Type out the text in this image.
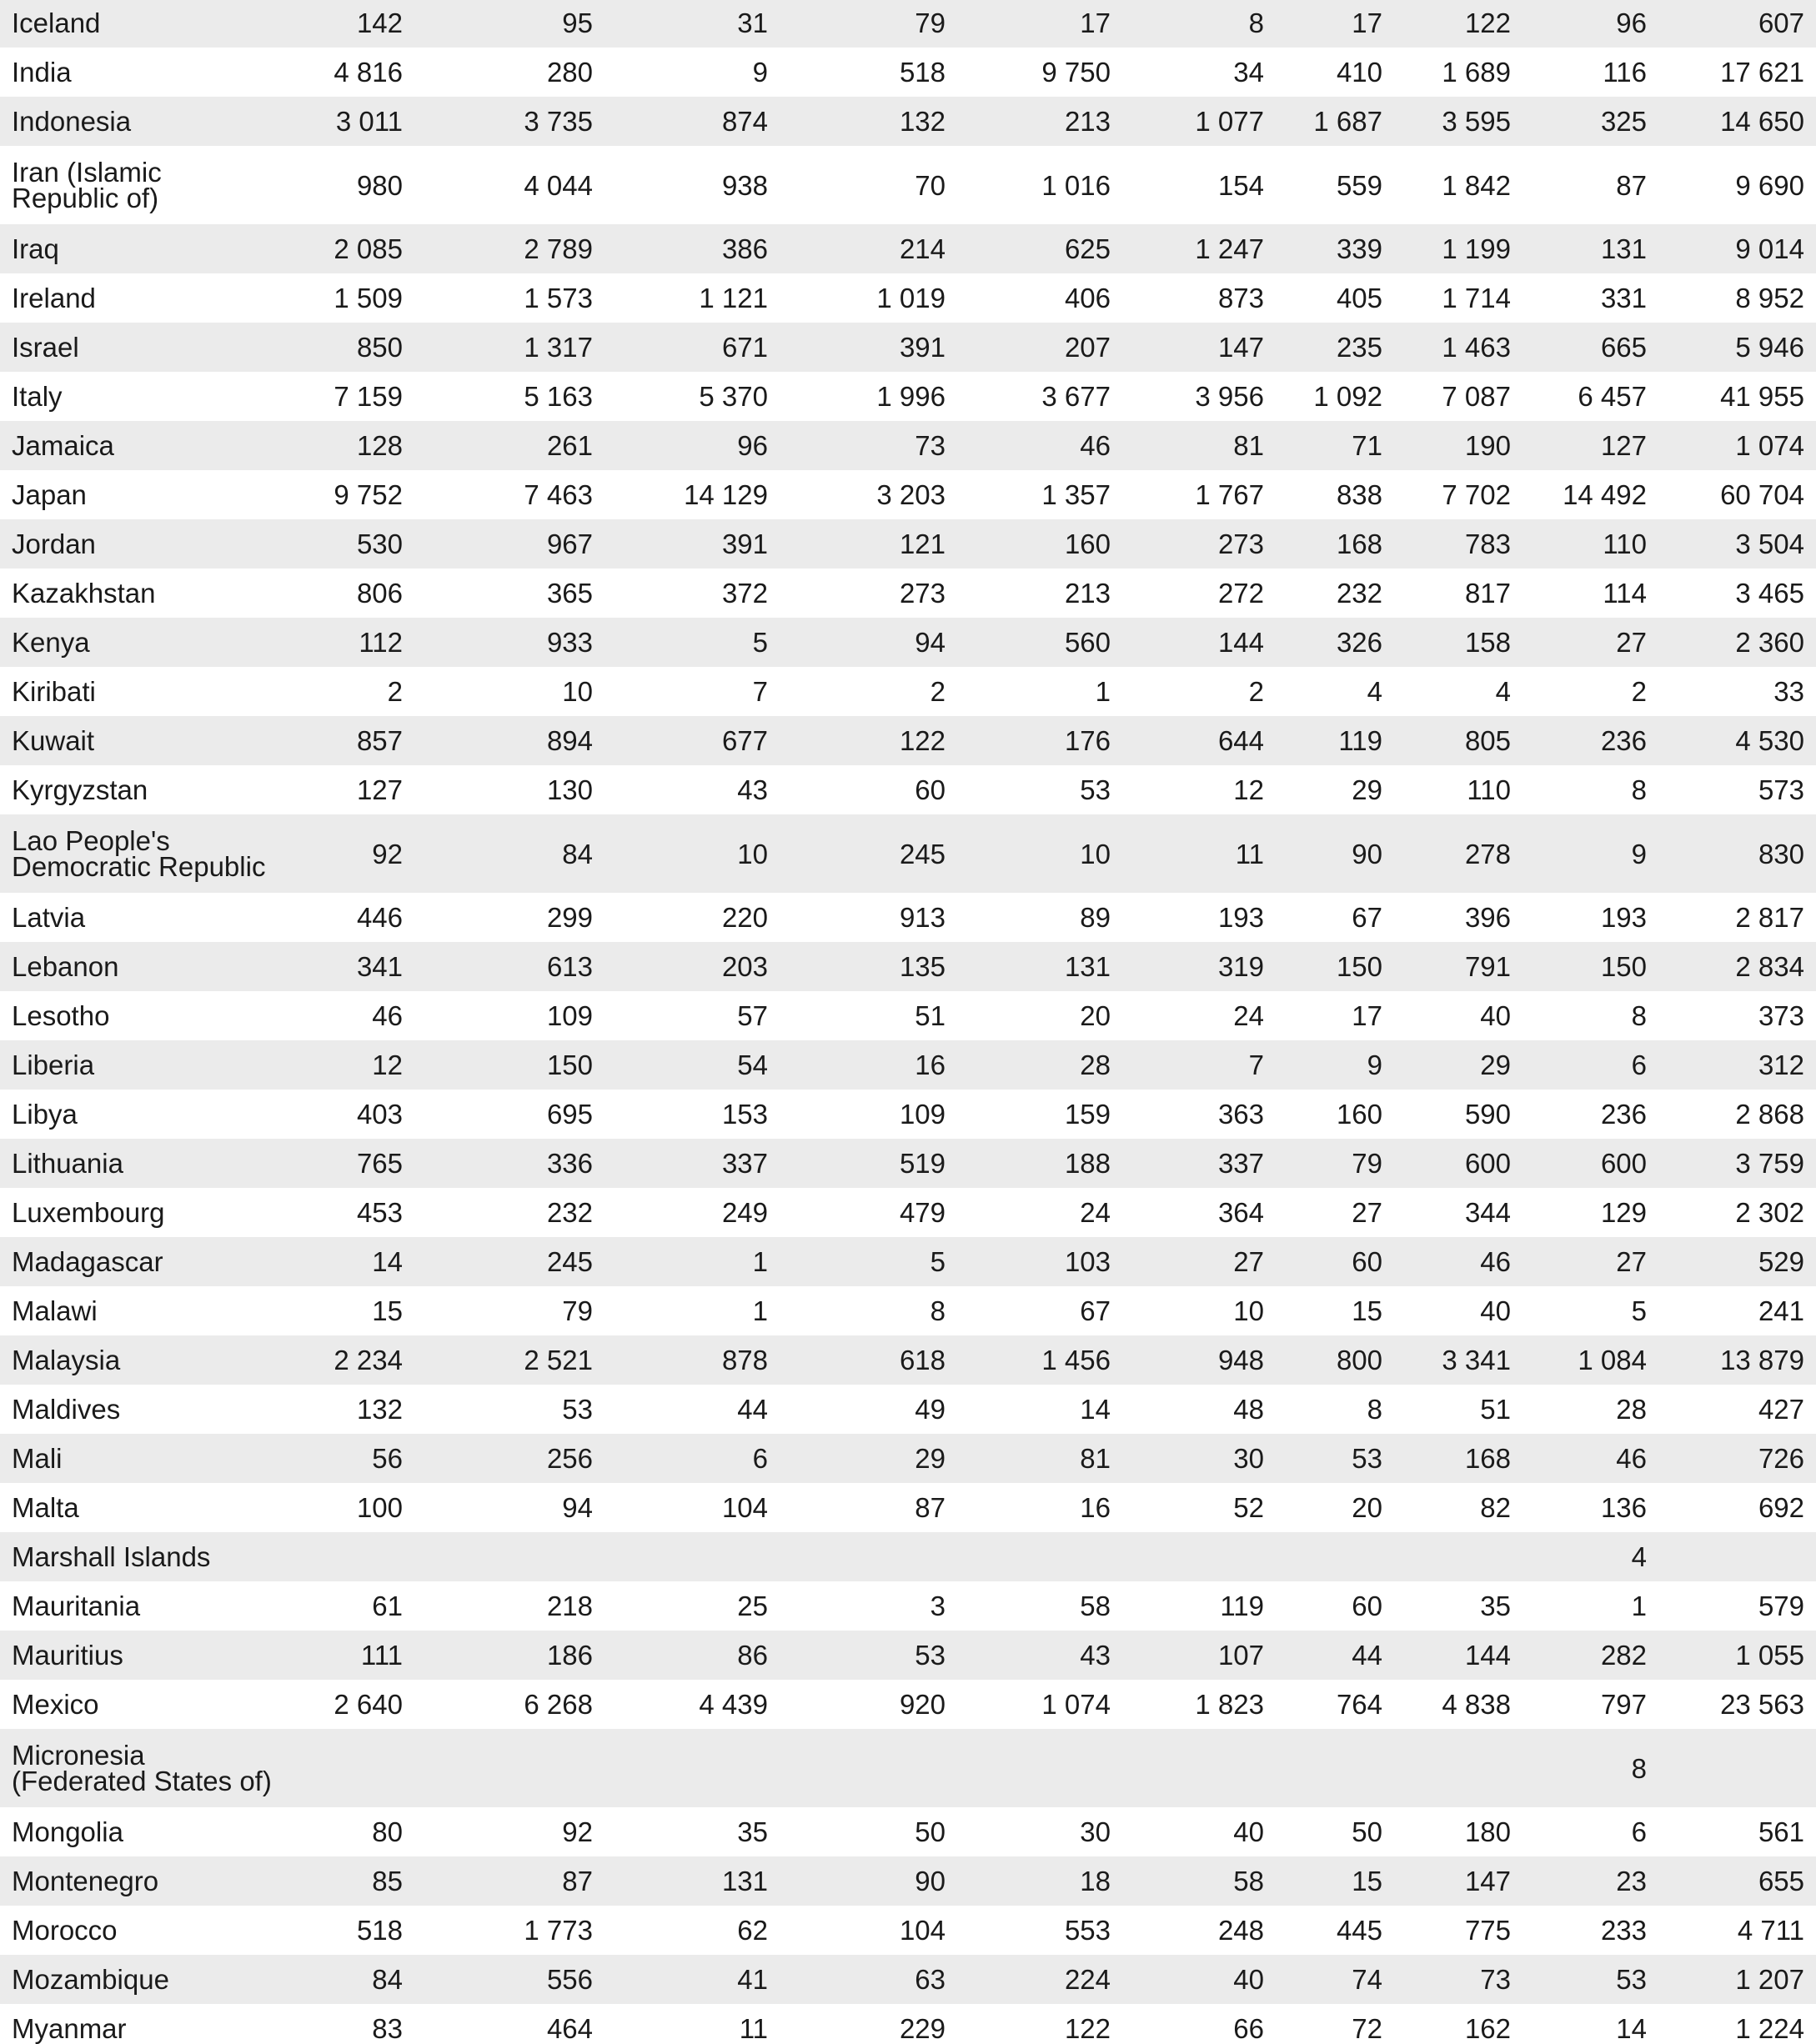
Iceland	142	95	31	79	17	8	17	122	96	607
India	4 816	280	9	518	9 750	34	410	1 689	116	17 621
Indonesia	3 011	3 735	874	132	213	1 077	1 687	3 595	325	14 650
Iran (Islamic Republic of)	980	4 044	938	70	1 016	154	559	1 842	87	9 690
Iraq	2 085	2 789	386	214	625	1 247	339	1 199	131	9 014
Ireland	1 509	1 573	1 121	1 019	406	873	405	1 714	331	8 952
Israel	850	1 317	671	391	207	147	235	1 463	665	5 946
Italy	7 159	5 163	5 370	1 996	3 677	3 956	1 092	7 087	6 457	41 955
Jamaica	128	261	96	73	46	81	71	190	127	1 074
Japan	9 752	7 463	14 129	3 203	1 357	1 767	838	7 702	14 492	60 704
Jordan	530	967	391	121	160	273	168	783	110	3 504
Kazakhstan	806	365	372	273	213	272	232	817	114	3 465
Kenya	112	933	5	94	560	144	326	158	27	2 360
Kiribati	2	10	7	2	1	2	4	4	2	33
Kuwait	857	894	677	122	176	644	119	805	236	4 530
Kyrgyzstan	127	130	43	60	53	12	29	110	8	573
Lao People's Democratic Republic	92	84	10	245	10	11	90	278	9	830
Latvia	446	299	220	913	89	193	67	396	193	2 817
Lebanon	341	613	203	135	131	319	150	791	150	2 834
Lesotho	46	109	57	51	20	24	17	40	8	373
Liberia	12	150	54	16	28	7	9	29	6	312
Libya	403	695	153	109	159	363	160	590	236	2 868
Lithuania	765	336	337	519	188	337	79	600	600	3 759
Luxembourg	453	232	249	479	24	364	27	344	129	2 302
Madagascar	14	245	1	5	103	27	60	46	27	529
Malawi	15	79	1	8	67	10	15	40	5	241
Malaysia	2 234	2 521	878	618	1 456	948	800	3 341	1 084	13 879
Maldives	132	53	44	49	14	48	8	51	28	427
Mali	56	256	6	29	81	30	53	168	46	726
Malta	100	94	104	87	16	52	20	82	136	692
Marshall Islands									4	
Mauritania	61	218	25	3	58	119	60	35	1	579
Mauritius	111	186	86	53	43	107	44	144	282	1 055
Mexico	2 640	6 268	4 439	920	1 074	1 823	764	4 838	797	23 563
Micronesia (Federated States of)									8	
Mongolia	80	92	35	50	30	40	50	180	6	561
Montenegro	85	87	131	90	18	58	15	147	23	655
Morocco	518	1 773	62	104	553	248	445	775	233	4 711
Mozambique	84	556	41	63	224	40	74	73	53	1 207
Myanmar	83	464	11	229	122	66	72	162	14	1 224
